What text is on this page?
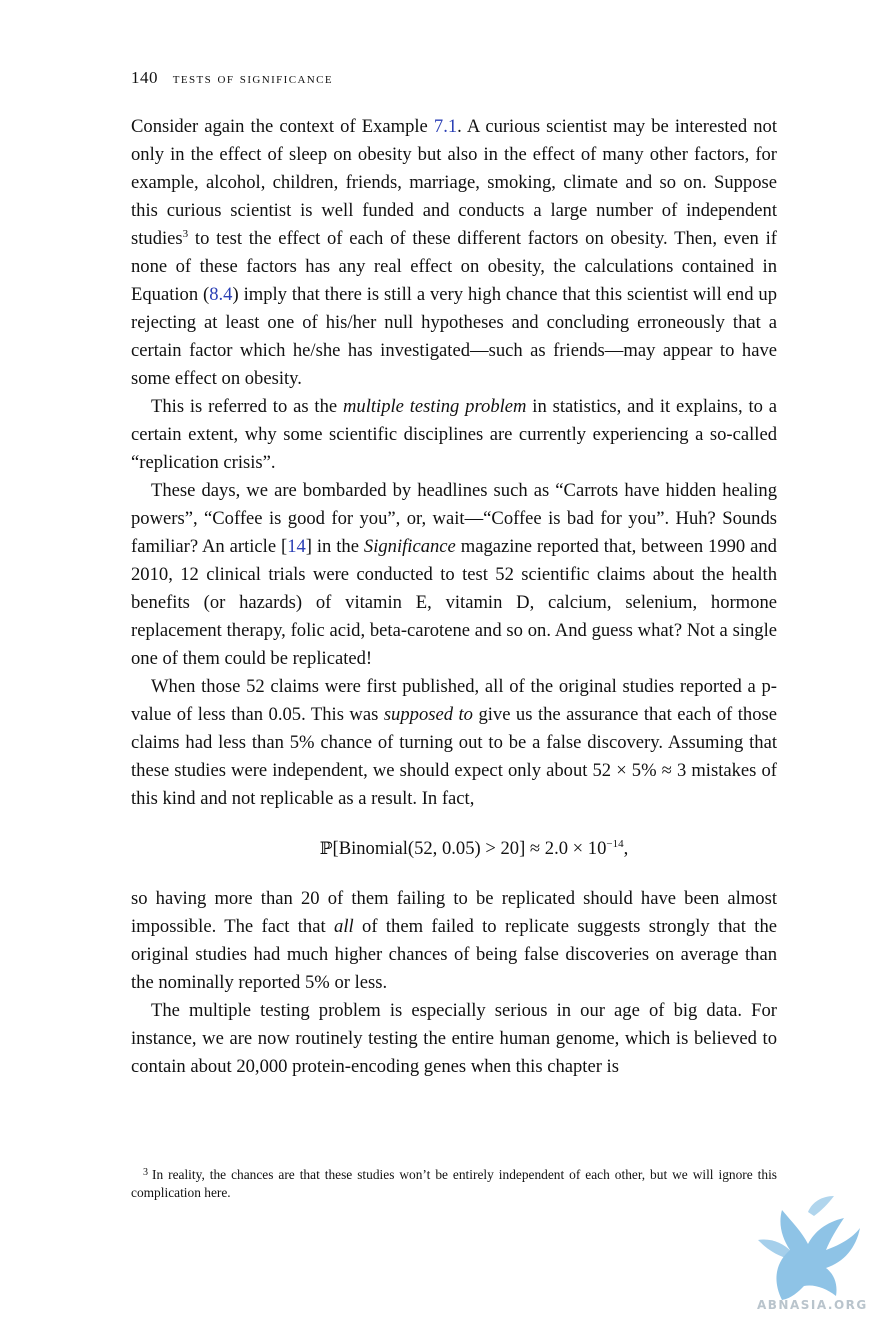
140 tests of significance

Consider again the context of Example 7.1. A curious scientist may be interested not only in the effect of sleep on obesity but also in the effect of many other factors, for example, alcohol, children, friends, marriage, smoking, climate and so on. Suppose this curious scientist is well funded and conducts a large number of independent studies$^3$ to test the effect of each of these different factors on obesity. Then, even if none of these factors has any real effect on obesity, the calculations contained in Equation (8.4) imply that there is still a very high chance that this scientist will end up rejecting at least one of his/her null hypotheses and concluding erroneously that a certain factor which he/she has investigated—such as friends—may appear to have some effect on obesity.

This is referred to as the multiple testing problem in statistics, and it explains, to a certain extent, why some scientific disciplines are currently experiencing a so-called “replication crisis”.

These days, we are bombarded by headlines such as “Carrots have hidden healing powers”, “Coffee is good for you”, or, wait—“Coffee is bad for you”. Huh? Sounds familiar? An article [14] in the Significance magazine reported that, between 1990 and 2010, 12 clinical trials were conducted to test 52 scientific claims about the health benefits (or hazards) of vitamin E, vitamin D, calcium, selenium, hormone replacement therapy, folic acid, beta-carotene and so on. And guess what? Not a single one of them could be replicated!

When those 52 claims were first published, all of the original studies reported a p-value of less than 0.05. This was supposed to give us the assurance that each of those claims had less than 5% chance of turning out to be a false discovery. Assuming that these studies were independent, we should expect only about 52 × 5% ≈ 3 mistakes of this kind and not replicable as a result. In fact,

ℙ[Binomial(52, $0.05) > 20] \approx 2.0 \times 10^{-14}$,

so having more than 20 of them failing to be replicated should have been almost impossible. The fact that all of them failed to replicate suggests strongly that the original studies had much higher chances of being false discoveries on average than the nominally reported 5% or less.

The multiple testing problem is especially serious in our age of big data. For instance, we are now routinely testing the entire human genome, which is believed to contain about 20,000 protein-encoding genes when this chapter is

$^3$ In reality, the chances are that these studies won’t be entirely independent of each other, but we will ignore this complication here.
ABNASIA.ORG
